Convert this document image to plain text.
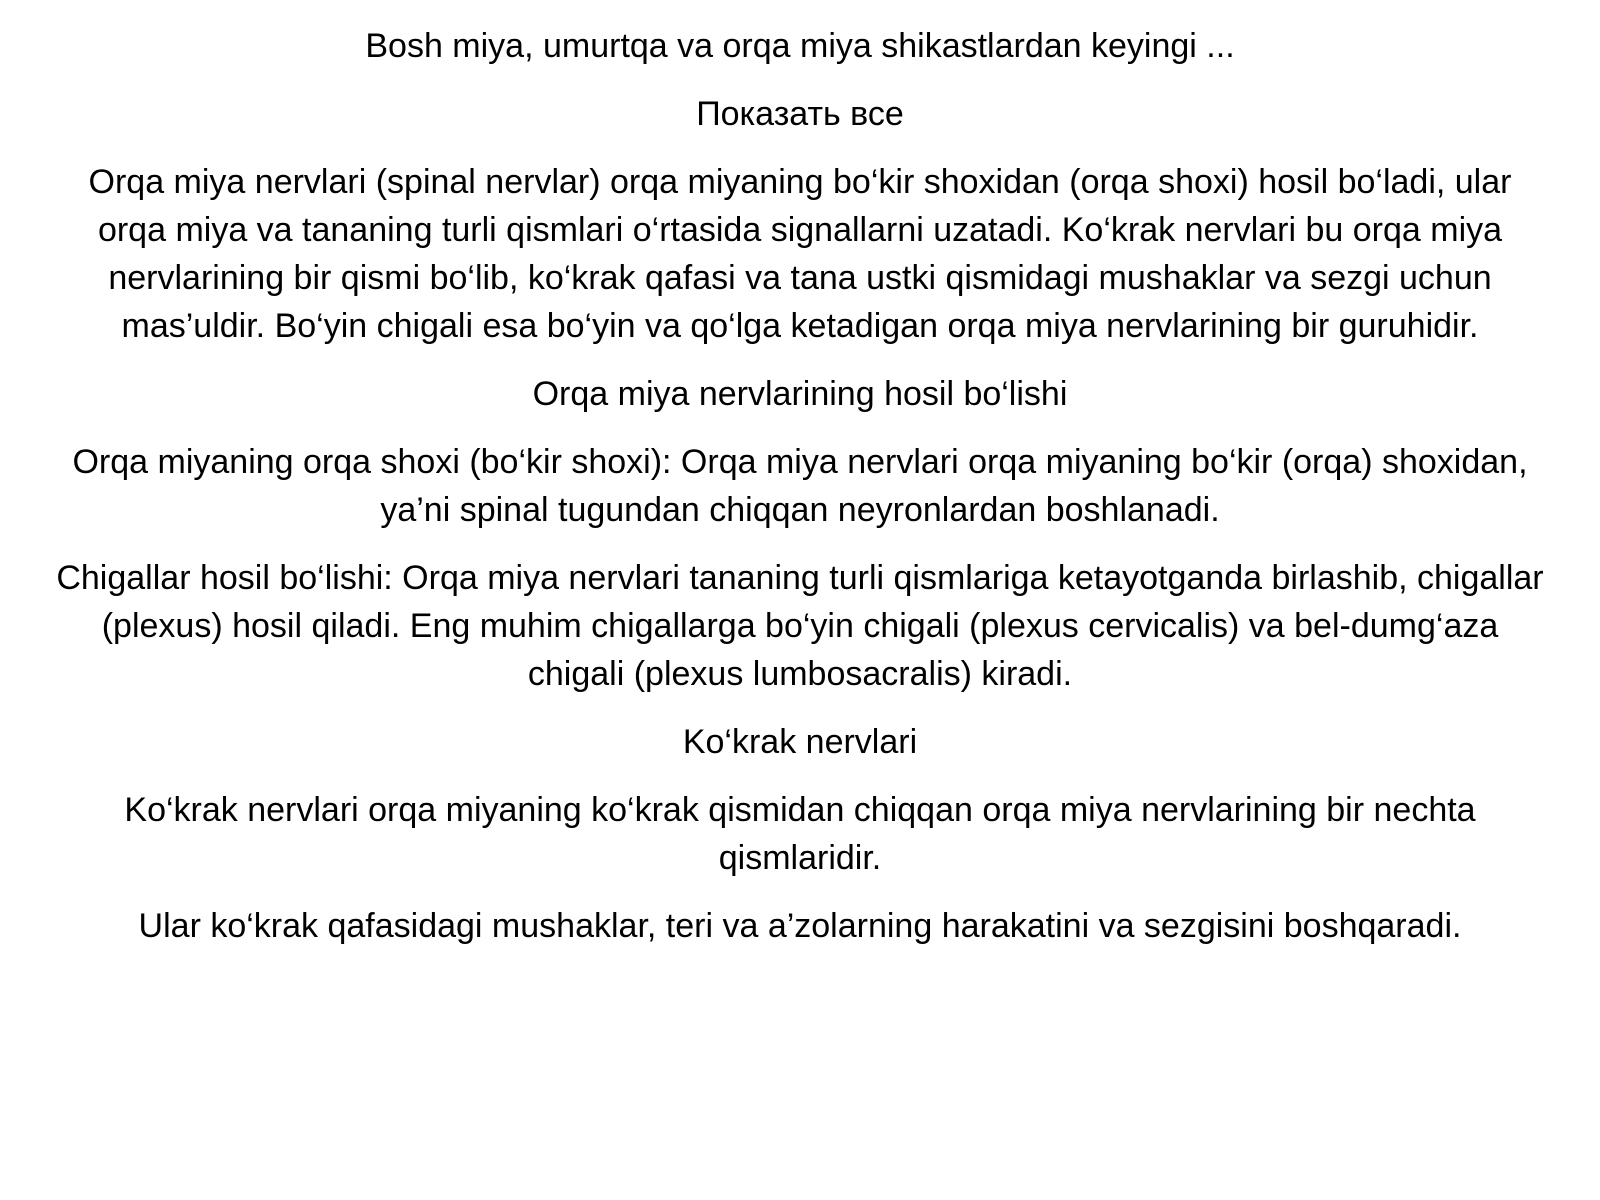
Bosh miya, umurtqa va orqa miya shikastlardan keyingi ...

Показать все

Orqa miya nervlari (spinal nervlar) orqa miyaning bo‘kir shoxidan (orqa shoxi) hosil bo‘ladi, ular orqa miya va tananing turli qismlari o‘rtasida signallarni uzatadi. Ko‘krak nervlari bu orqa miya nervlarining bir qismi bo‘lib, ko‘krak qafasi va tana ustki qismidagi mushaklar va sezgi uchun mas’uldir. Bo‘yin chigali esa bo‘yin va qo‘lga ketadigan orqa miya nervlarining bir guruhidir.

Orqa miya nervlarining hosil bo‘lishi

Orqa miyaning orqa shoxi (bo‘kir shoxi): Orqa miya nervlari orqa miyaning bo‘kir (orqa) shoxidan, ya’ni spinal tugundan chiqqan neyronlardan boshlanadi.

Chigallar hosil bo‘lishi: Orqa miya nervlari tananing turli qismlariga ketayotganda birlashib, chigallar (plexus) hosil qiladi. Eng muhim chigallarga bo‘yin chigali (plexus cervicalis) va bel-dumg‘aza chigali (plexus lumbosacralis) kiradi.

Ko‘krak nervlari

Ko‘krak nervlari orqa miyaning ko‘krak qismidan chiqqan orqa miya nervlarining bir nechta qismlaridir.

Ular ko‘krak qafasidagi mushaklar, teri va a’zolarning harakatini va sezgisini boshqaradi.
